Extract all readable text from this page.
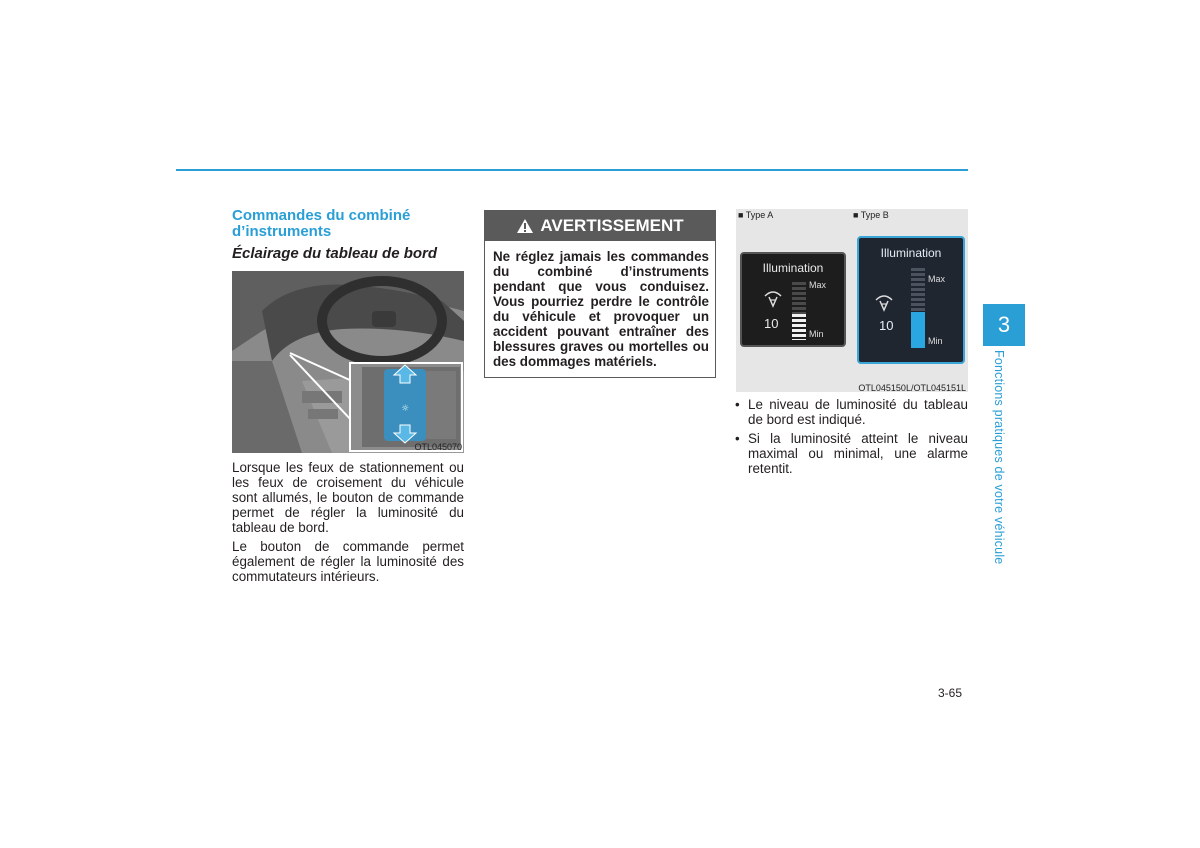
Commandes du combiné d’instruments
Éclairage du tableau de bord
☼
OTL045070
Lorsque les feux de stationnement ou les feux de croisement du véhicule sont allumés, le bouton de commande permet de régler la luminosité du tableau de bord.
Le bouton de commande permet également de régler la luminosité des commutateurs intérieurs.
AVERTISSEMENT
Ne réglez jamais les commandes du combiné d’instruments pendant que vous conduisez. Vous pourriez perdre le contrôle du véhicule et provoquer un accident pouvant entraîner des blessures graves ou mortelles ou des dommages matériels.
■ Type A	■ Type B
Illumination
10
Max
Min
Illumination
10
Max
Min
OTL045150L/OTL045151L
• Le niveau de luminosité du tableau de bord est indiqué.
• Si la luminosité atteint le niveau maximal ou minimal, une alarme retentit.
3
Fonctions pratiques de votre véhicule
3-65
